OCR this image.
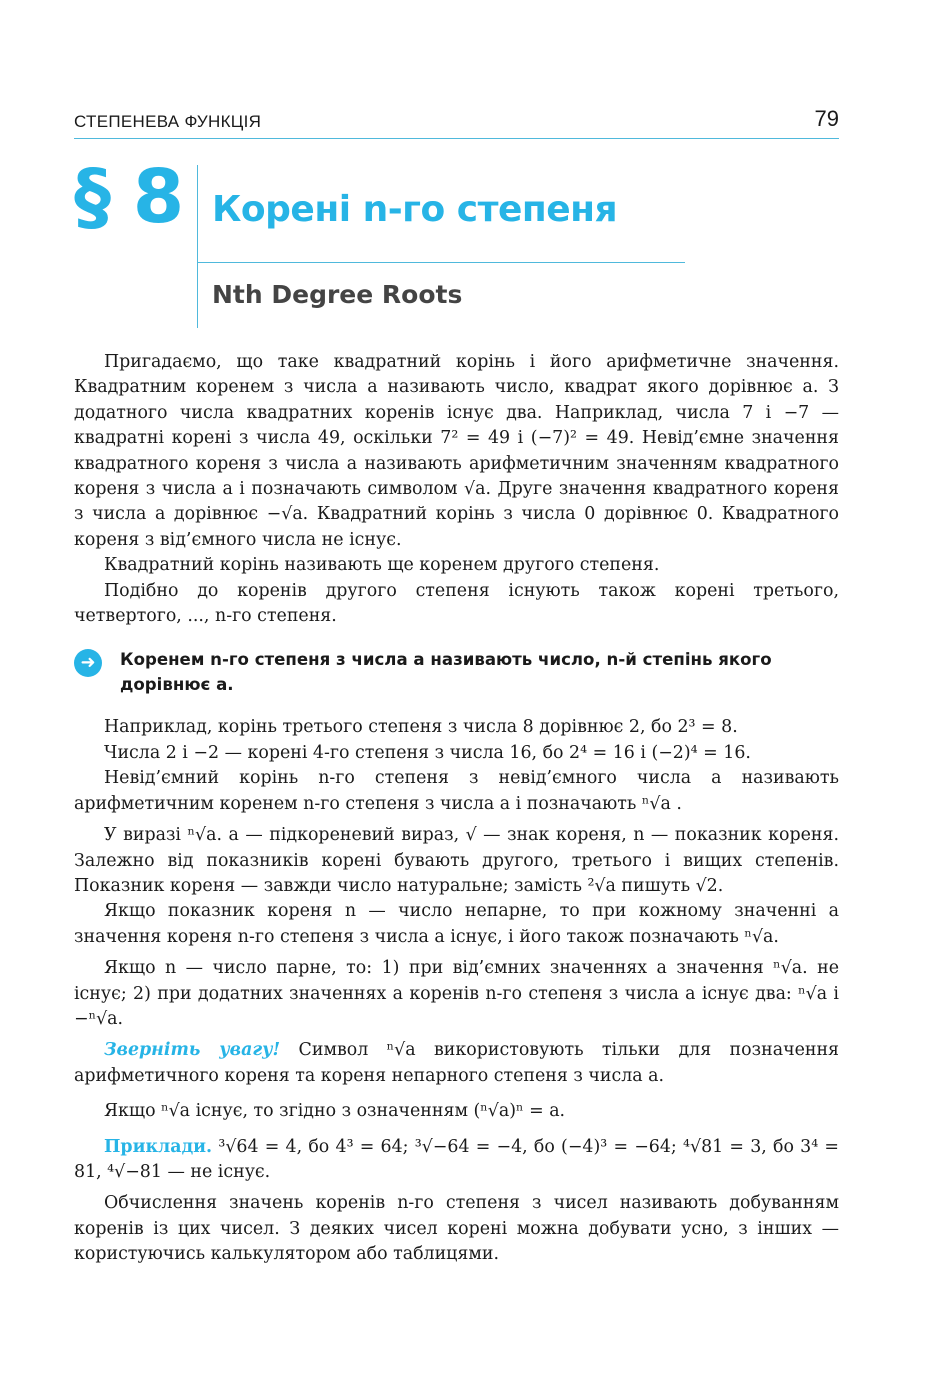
СТЕПЕНЕВА ФУНКЦІЯ	79
§ 8 Корені n-го степеня
Nth Degree Roots

Пригадаємо, що таке квадратний корінь і його арифметичне значення. Квадратним коренем з числа a називають число, квадрат якого дорівнює a. З додатного числа квадратних коренів існує два. Наприклад, числа 7 і −7 — квадратні корені з числа 49, оскільки 7² = 49 і (−7)² = 49. Невід’ємне значення квадратного кореня з числа a називають арифметичним значенням квадратного кореня з числа a і позначають символом √a. Друге значення квадратного кореня з числа a дорівнює −√a. Квадратний корінь з числа 0 дорівнює 0. Квадратного кореня з від’ємного числа не існує.

Квадратний корінь називають ще коренем другого степеня.

Подібно до коренів другого степеня існують також корені третього, четвертого, ..., n-го степеня.

➜	Коренем n-го степеня з числа a називають число, n-й степінь якого дорівнює a.

Наприклад, корінь третього степеня з числа 8 дорівнює 2, бо 2³ = 8.

Числа 2 і −2 — корені 4-го степеня з числа 16, бо 2⁴ = 16 і (−2)⁴ = 16.

Невід’ємний корінь n-го степеня з невід’ємного числа a називають арифметичним коренем n-го степеня з числа a і позначають ⁿ√a .

У виразі ⁿ√a. a — підкореневий вираз, √ — знак кореня, n — показник кореня. Залежно від показників корені бувають другого, третього і вищих степенів. Показник кореня — завжди число натуральне; замість ²√a пишуть √2.

Якщо показник кореня n — число непарне, то при кожному значенні a значення кореня n-го степеня з числа a існує, і його також позначають ⁿ√a.

Якщо n — число парне, то: 1) при від’ємних значеннях a значення ⁿ√a. не існує; 2) при додатних значеннях a коренів n-го степеня з числа a існує два: ⁿ√a і −ⁿ√a.

Зверніть увагу! Символ ⁿ√a використовують тільки для позначення арифметичного кореня та кореня непарного степеня з числа a.

Якщо ⁿ√a існує, то згідно з означенням (ⁿ√a)ⁿ = a.

Приклади. ³√64 = 4, бо 4³ = 64; ³√−64 = −4, бо (−4)³ = −64; ⁴√81 = 3, бо 3⁴ = 81, ⁴√−81 — не існує.

Обчислення значень коренів n-го степеня з чисел називають добуванням коренів із цих чисел. З деяких чисел корені можна добувати усно, з інших — користуючись калькулятором або таблицями.
